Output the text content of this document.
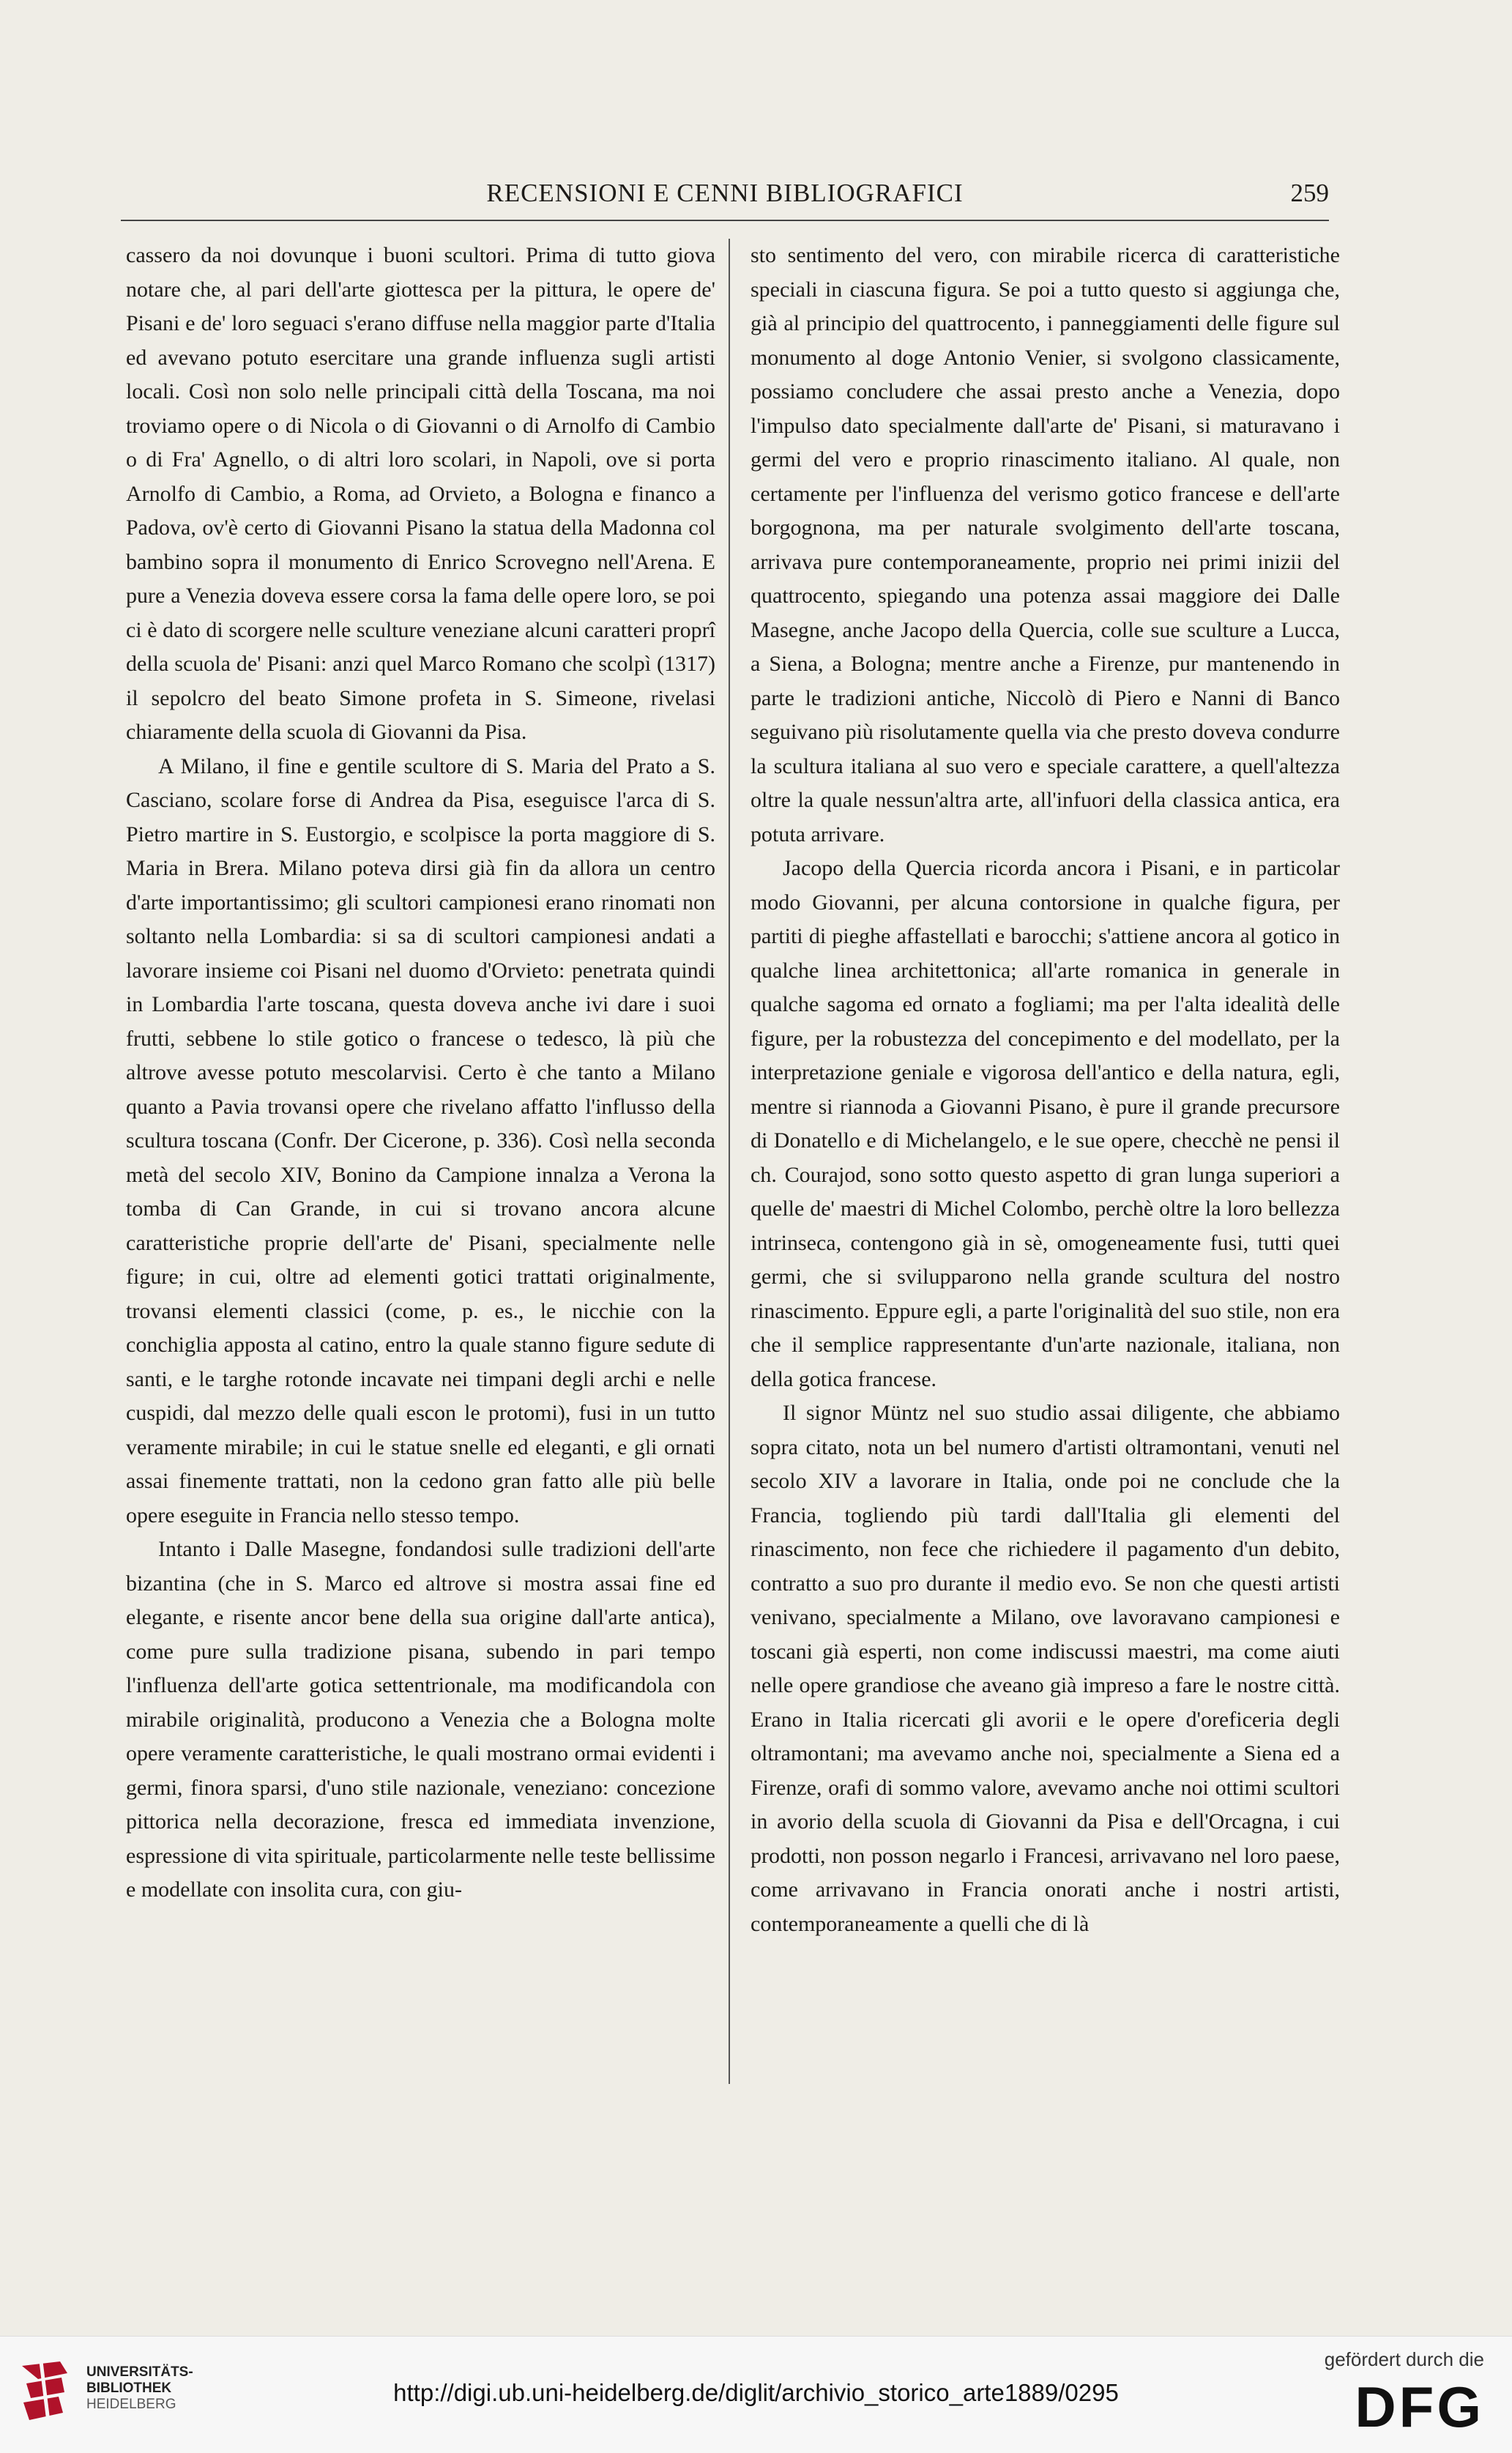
RECENSIONI E CENNI BIBLIOGRAFICI	259

cassero da noi dovunque i buoni scultori. Prima di tutto giova notare che, al pari dell'arte giottesca per la pittura, le opere de' Pisani e de' loro seguaci s'erano diffuse nella maggior parte d'Italia ed avevano potuto esercitare una grande influenza sugli artisti locali. Così non solo nelle principali città della Toscana, ma noi troviamo opere o di Nicola o di Giovanni o di Arnolfo di Cambio o di Fra' Agnello, o di altri loro scolari, in Napoli, ove si porta Arnolfo di Cambio, a Roma, ad Orvieto, a Bologna e financo a Padova, ov'è certo di Giovanni Pisano la statua della Madonna col bambino sopra il monumento di Enrico Scrovegno nell'Arena. E pure a Venezia doveva essere corsa la fama delle opere loro, se poi ci è dato di scorgere nelle sculture veneziane alcuni caratteri proprî della scuola de' Pisani: anzi quel Marco Romano che scolpì (1317) il sepolcro del beato Simone profeta in S. Simeone, rivelasi chiaramente della scuola di Giovanni da Pisa.

A Milano, il fine e gentile scultore di S. Maria del Prato a S. Casciano, scolare forse di Andrea da Pisa, eseguisce l'arca di S. Pietro martire in S. Eustorgio, e scolpisce la porta maggiore di S. Maria in Brera. Milano poteva dirsi già fin da allora un centro d'arte importantissimo; gli scultori campionesi erano rinomati non soltanto nella Lombardia: si sa di scultori campionesi andati a lavorare insieme coi Pisani nel duomo d'Orvieto: penetrata quindi in Lombardia l'arte toscana, questa doveva anche ivi dare i suoi frutti, sebbene lo stile gotico o francese o tedesco, là più che altrove avesse potuto mescolarvisi. Certo è che tanto a Milano quanto a Pavia trovansi opere che rivelano affatto l'influsso della scultura toscana (Confr. Der Cicerone, p. 336). Così nella seconda metà del secolo XIV, Bonino da Campione innalza a Verona la tomba di Can Grande, in cui si trovano ancora alcune caratteristiche proprie dell'arte de' Pisani, specialmente nelle figure; in cui, oltre ad elementi gotici trattati originalmente, trovansi elementi classici (come, p. es., le nicchie con la conchiglia apposta al catino, entro la quale stanno figure sedute di santi, e le targhe rotonde incavate nei timpani degli archi e nelle cuspidi, dal mezzo delle quali escon le protomi), fusi in un tutto veramente mirabile; in cui le statue snelle ed eleganti, e gli ornati assai finemente trattati, non la cedono gran fatto alle più belle opere eseguite in Francia nello stesso tempo.

Intanto i Dalle Masegne, fondandosi sulle tradizioni dell'arte bizantina (che in S. Marco ed altrove si mostra assai fine ed elegante, e risente ancor bene della sua origine dall'arte antica), come pure sulla tradizione pisana, subendo in pari tempo l'influenza dell'arte gotica settentrionale, ma modificandola con mirabile originalità, producono a Venezia che a Bologna molte opere veramente caratteristiche, le quali mostrano ormai evidenti i germi, finora sparsi, d'uno stile nazionale, veneziano: concezione pittorica nella decorazione, fresca ed immediata invenzione, espressione di vita spirituale, particolarmente nelle teste bellissime e modellate con insolita cura, con giu-

sto sentimento del vero, con mirabile ricerca di caratteristiche speciali in ciascuna figura. Se poi a tutto questo si aggiunga che, già al principio del quattrocento, i panneggiamenti delle figure sul monumento al doge Antonio Venier, si svolgono classicamente, possiamo concludere che assai presto anche a Venezia, dopo l'impulso dato specialmente dall'arte de' Pisani, si maturavano i germi del vero e proprio rinascimento italiano. Al quale, non certamente per l'influenza del verismo gotico francese e dell'arte borgognona, ma per naturale svolgimento dell'arte toscana, arrivava pure contemporaneamente, proprio nei primi inizii del quattrocento, spiegando una potenza assai maggiore dei Dalle Masegne, anche Jacopo della Quercia, colle sue sculture a Lucca, a Siena, a Bologna; mentre anche a Firenze, pur mantenendo in parte le tradizioni antiche, Niccolò di Piero e Nanni di Banco seguivano più risolutamente quella via che presto doveva condurre la scultura italiana al suo vero e speciale carattere, a quell'altezza oltre la quale nessun'altra arte, all'infuori della classica antica, era potuta arrivare.

Jacopo della Quercia ricorda ancora i Pisani, e in particolar modo Giovanni, per alcuna contorsione in qualche figura, per partiti di pieghe affastellati e barocchi; s'attiene ancora al gotico in qualche linea architettonica; all'arte romanica in generale in qualche sagoma ed ornato a fogliami; ma per l'alta idealità delle figure, per la robustezza del concepimento e del modellato, per la interpretazione geniale e vigorosa dell'antico e della natura, egli, mentre si riannoda a Giovanni Pisano, è pure il grande precursore di Donatello e di Michelangelo, e le sue opere, checchè ne pensi il ch. Courajod, sono sotto questo aspetto di gran lunga superiori a quelle de' maestri di Michel Colombo, perchè oltre la loro bellezza intrinseca, contengono già in sè, omogeneamente fusi, tutti quei germi, che si svilupparono nella grande scultura del nostro rinascimento. Eppure egli, a parte l'originalità del suo stile, non era che il semplice rappresentante d'un'arte nazionale, italiana, non della gotica francese.

Il signor Müntz nel suo studio assai diligente, che abbiamo sopra citato, nota un bel numero d'artisti oltramontani, venuti nel secolo XIV a lavorare in Italia, onde poi ne conclude che la Francia, togliendo più tardi dall'Italia gli elementi del rinascimento, non fece che richiedere il pagamento d'un debito, contratto a suo pro durante il medio evo. Se non che questi artisti venivano, specialmente a Milano, ove lavoravano campionesi e toscani già esperti, non come indiscussi maestri, ma come aiuti nelle opere grandiose che aveano già impreso a fare le nostre città. Erano in Italia ricercati gli avorii e le opere d'oreficeria degli oltramontani; ma avevamo anche noi, specialmente a Siena ed a Firenze, orafi di sommo valore, avevamo anche noi ottimi scultori in avorio della scuola di Giovanni da Pisa e dell'Orcagna, i cui prodotti, non posson negarlo i Francesi, arrivavano nel loro paese, come arrivavano in Francia onorati anche i nostri artisti, contemporaneamente a quelli che di là

UNIVERSITÄTS-
BIBLIOTHEK
HEIDELBERG	http://digi.ub.uni-heidelberg.de/diglit/archivio_storico_arte1889/0295
gefördert durch die
DFG
